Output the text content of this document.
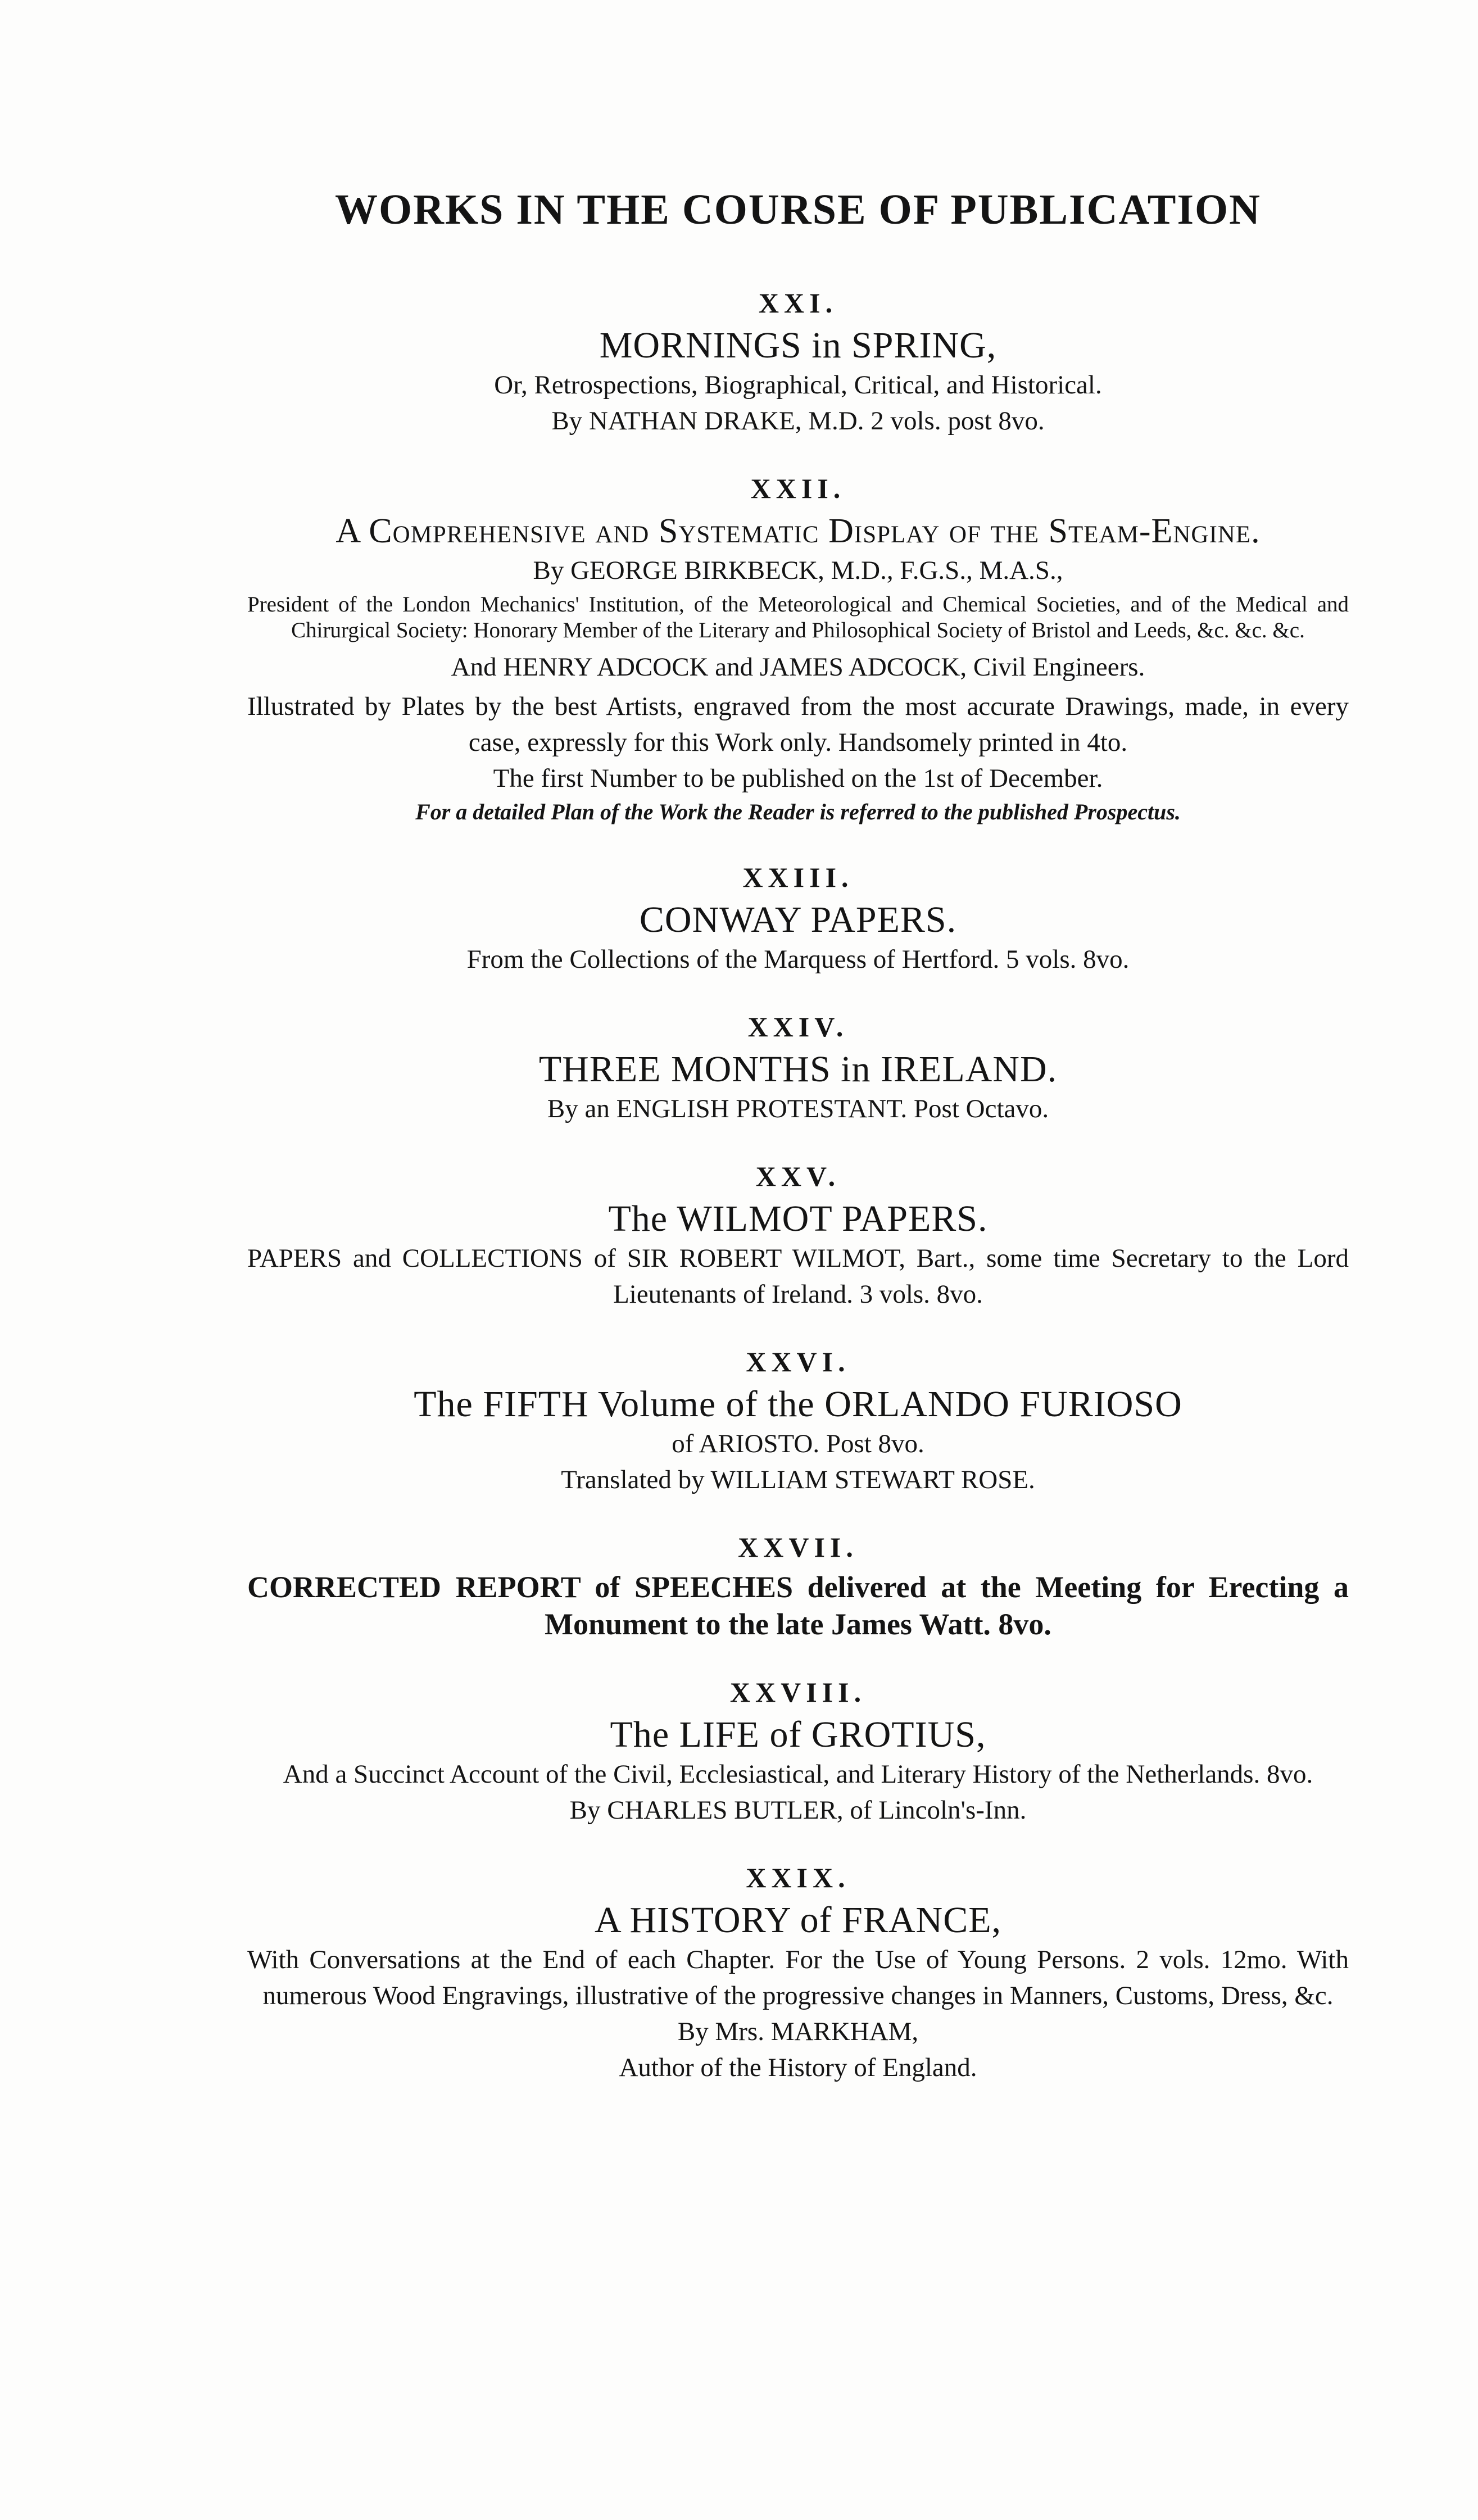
WORKS IN THE COURSE OF PUBLICATION
XXI.
MORNINGS in SPRING,
Or, Retrospections, Biographical, Critical, and Historical.
By NATHAN DRAKE, M.D. 2 vols. post 8vo.
XXII.
A Comprehensive and Systematic Display of the Steam-Engine.
By GEORGE BIRKBECK, M.D., F.G.S., M.A.S.,
President of the London Mechanics' Institution, of the Meteorological and Chemical Societies, and of the Medical and Chirurgical Society: Honorary Member of the Literary and Philosophical Society of Bristol and Leeds, &c. &c. &c.
And HENRY ADCOCK and JAMES ADCOCK, Civil Engineers.
Illustrated by Plates by the best Artists, engraved from the most accurate Drawings, made, in every case, expressly for this Work only. Handsomely printed in 4to.
The first Number to be published on the 1st of December.
For a detailed Plan of the Work the Reader is referred to the published Prospectus.
XXIII.
CONWAY PAPERS.
From the Collections of the Marquess of Hertford. 5 vols. 8vo.
XXIV.
THREE MONTHS in IRELAND.
By an ENGLISH PROTESTANT. Post Octavo.
XXV.
The WILMOT PAPERS.
PAPERS and COLLECTIONS of SIR ROBERT WILMOT, Bart., some time Secretary to the Lord Lieutenants of Ireland. 3 vols. 8vo.
XXVI.
The FIFTH Volume of the ORLANDO FURIOSO
of ARIOSTO. Post 8vo.
Translated by WILLIAM STEWART ROSE.
XXVII.
CORRECTED REPORT of SPEECHES delivered at the Meeting for Erecting a Monument to the late James Watt. 8vo.
XXVIII.
The LIFE of GROTIUS,
And a Succinct Account of the Civil, Ecclesiastical, and Literary History of the Netherlands. 8vo.
By CHARLES BUTLER, of Lincoln's-Inn.
XXIX.
A HISTORY of FRANCE,
With Conversations at the End of each Chapter. For the Use of Young Persons. 2 vols. 12mo. With numerous Wood Engravings, illustrative of the progressive changes in Manners, Customs, Dress, &c.
By Mrs. MARKHAM,
Author of the History of England.
